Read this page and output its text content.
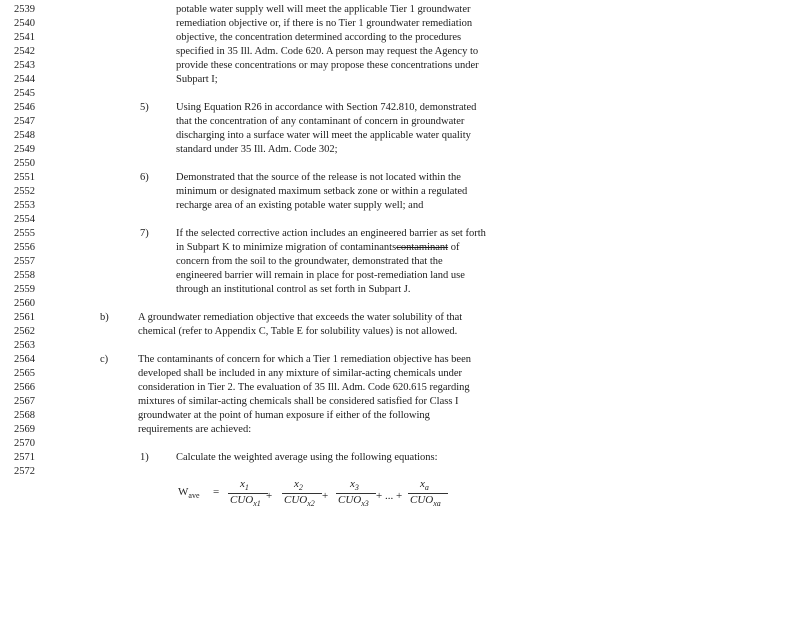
2539
2540
2541
2542
2543
2544
2545
2546
2547
2548
2549
2550
2551
2552
2553
2554
2555
2556
2557
2558
2559
2560
2561
2562
2563
2564
2565
2566
2567
2568
2569
2570
2571
2572
potable water supply well will meet the applicable Tier 1 groundwater
remediation objective or, if there is no Tier 1 groundwater remediation
objective, the concentration determined according to the procedures
specified in 35 Ill. Adm. Code 620. A person may request the Agency to
provide these concentrations or may propose these concentrations under
Subpart I;
5)	Using Equation R26 in accordance with Section 742.810, demonstrated
that the concentration of any contaminant of concern in groundwater
discharging into a surface water will meet the applicable water quality
standard under 35 Ill. Adm. Code 302;
6)	Demonstrated that the source of the release is not located within the
minimum or designated maximum setback zone or within a regulated
recharge area of an existing potable water supply well; and
7)	If the selected corrective action includes an engineered barrier as set forth
in Subpart K to minimize migration of contaminantscontaminant of
concern from the soil to the groundwater, demonstrated that the
engineered barrier will remain in place for post-remediation land use
through an institutional control as set forth in Subpart J.
b)	A groundwater remediation objective that exceeds the water solubility of that
chemical (refer to Appendix C, Table E for solubility values) is not allowed.
c)	The contaminants of concern for which a Tier 1 remediation objective has been
developed shall be included in any mixture of similar-acting chemicals under
consideration in Tier 2. The evaluation of 35 Ill. Adm. Code 620.615 regarding
mixtures of similar-acting chemicals shall be considered satisfied for Class I
groundwater at the point of human exposure if either of the following
requirements are achieved:
1)	Calculate the weighted average using the following equations:
$W_{ave}$ =
$x_1$
$CUO_{x1}$
+
$x_2$
$CUO_{x2}$
+
$x_3$
$CUO_{x3}$
+ ... +
$x_a$
$CUO_{xa}$
